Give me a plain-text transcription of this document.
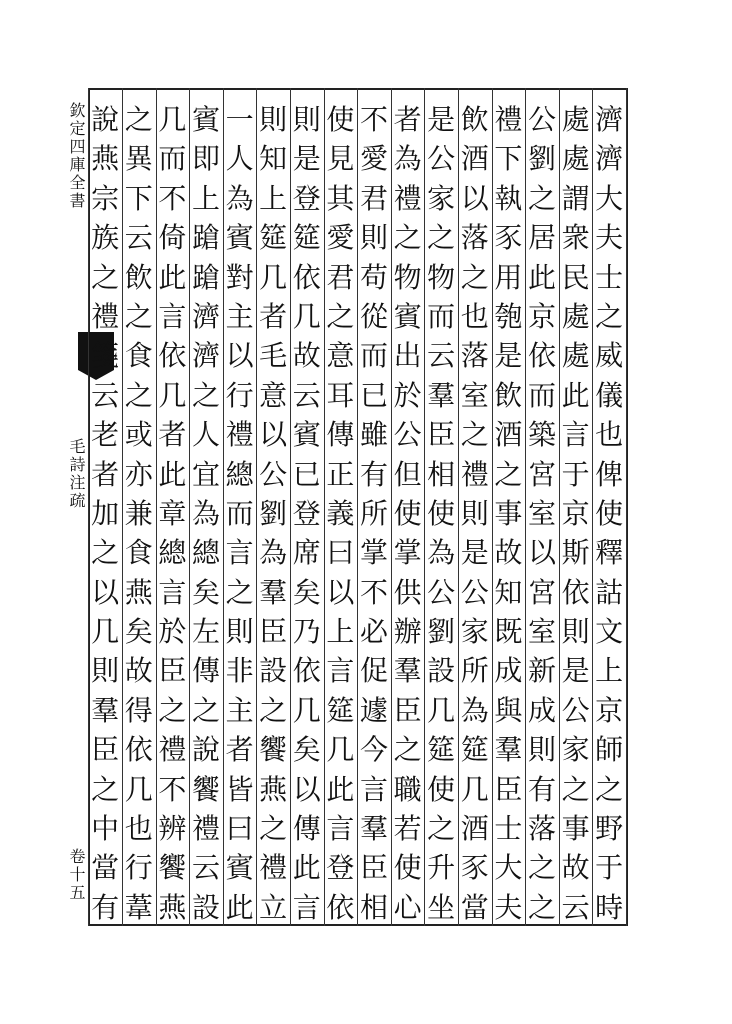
欽定四庫全書
毛詩注疏
卷十五
濟
濟
大
夫
士
之
威
儀
也
俾
使
釋
詁
文
上
京
師
之
野
于
時
處
處
謂
衆
民
處
處
此
言
于
京
斯
依
則
是
公
家
之
事
故
云
公
劉
之
居
此
京
依
而
築
宮
室
以
宮
室
新
成
則
有
落
之
之
禮
下
執
豕
用
匏
是
飲
酒
之
事
故
知
既
成
與
羣
臣
士
大
夫
飲
酒
以
落
之
也
落
室
之
禮
則
是
公
家
所
為
筵
几
酒
豕
當
是
公
家
之
物
而
云
羣
臣
相
使
為
公
劉
設
几
筵
使
之
升
坐
者
為
禮
之
物
賓
出
於
公
但
使
掌
供
辦
羣
臣
之
職
若
使
心
不
愛
君
則
苟
從
而
已
雖
有
所
掌
不
必
促
遽
今
言
羣
臣
相
使
見
其
愛
君
之
意
耳
傳
正
義
曰
以
上
言
筵
几
此
言
登
依
則
是
登
筵
依
几
故
云
賓
已
登
席
矣
乃
依
几
矣
以
傳
此
言
則
知
上
筵
几
者
毛
意
以
公
劉
為
羣
臣
設
之
饗
燕
之
禮
立
一
人
為
賓
對
主
以
行
禮
總
而
言
之
則
非
主
者
皆
曰
賓
此
賓
即
上
蹌
蹌
濟
濟
之
人
宜
為
總
矣
左
傳
之
說
饗
禮
云
設
几
而
不
倚
此
言
依
几
者
此
章
總
言
於
臣
之
禮
不
辨
饗
燕
之
異
下
云
飲
之
食
之
或
亦
兼
食
燕
矣
故
得
依
几
也
行
葦
說
燕
宗
族
之
禮
箋
云
老
者
加
之
以
几
則
羣
臣
之
中
當
有
